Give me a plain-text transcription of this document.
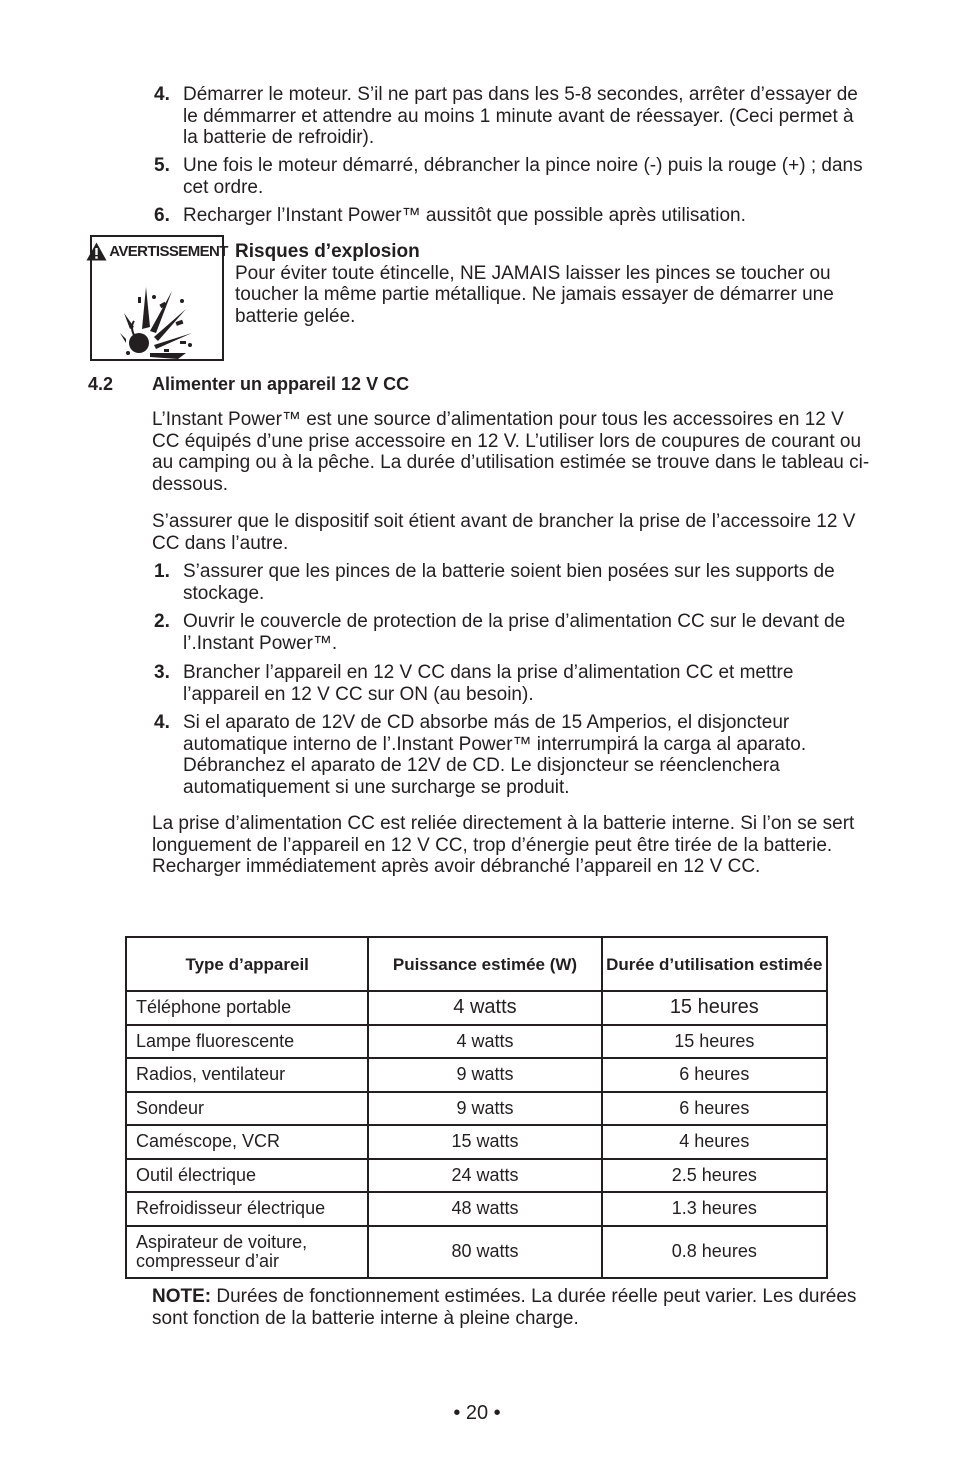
4. Démarrer le moteur. S’il ne part pas dans les 5-8 secondes, arrêter d’essayer de le démmarrer et attendre au moins 1 minute avant de réessayer. (Ceci permet à la batterie de refroidir).
5. Une fois le moteur démarré, débrancher la pince noire (-) puis la rouge (+) ; dans cet ordre.
6. Recharger l’Instant Power™ aussitôt que possible après utilisation.
AVERTISSEMENT Risques d’explosion
Pour éviter toute étincelle, NE JAMAIS laisser les pinces se toucher ou toucher la même partie métallique. Ne jamais essayer de démarrer une batterie gelée.
4.2 Alimenter un appareil 12 V CC

L’Instant Power™ est une source d’alimentation pour tous les accessoires en 12 V CC équipés d’une prise accessoire en 12 V. L’utiliser lors de coupures de courant ou au camping ou à la pêche. La durée d’utilisation estimée se trouve dans le tableau ci-dessous.

S’assurer que le dispositif soit étient avant de brancher la prise de l’accessoire 12 V CC dans l’autre.

1. S’assurer que les pinces de la batterie soient bien posées sur les supports de stockage.
2. Ouvrir le couvercle de protection de la prise d’alimentation CC sur le devant de l’.Instant Power™.
3. Brancher l’appareil en 12 V CC dans la prise d’alimentation CC et mettre l’appareil en 12 V CC sur ON (au besoin).
4. Si el aparato de 12V de CD absorbe más de 15 Amperios, el disjoncteur automatique interno de l’.Instant Power™ interrumpirá la carga al aparato. Débranchez el aparato de 12V de CD. Le disjoncteur se réenclenchera automatiquement si une surcharge se produit.

La prise d’alimentation CC est reliée directement à la batterie interne. Si l’on se sert longuement de l’appareil en 12 V CC, trop d’énergie peut être tirée de la batterie. Recharger immédiatement après avoir débranché l’appareil en 12 V CC.

Type d’appareil	Puissance estimée (W)	Durée d’utilisation estimée
Téléphone portable	4 watts	15 heures
Lampe fluorescente	4 watts	15 heures
Radios, ventilateur	9 watts	6 heures
Sondeur	9 watts	6 heures
Caméscope, VCR	15 watts	4 heures
Outil électrique	24 watts	2.5 heures
Refroidisseur électrique	48 watts	1.3 heures
Aspirateur de voiture, compresseur d’air	80 watts	0.8 heures
NOTE: Durées de fonctionnement estimées. La durée réelle peut varier. Les durées sont fonction de la batterie interne à pleine charge.
• 20 •
